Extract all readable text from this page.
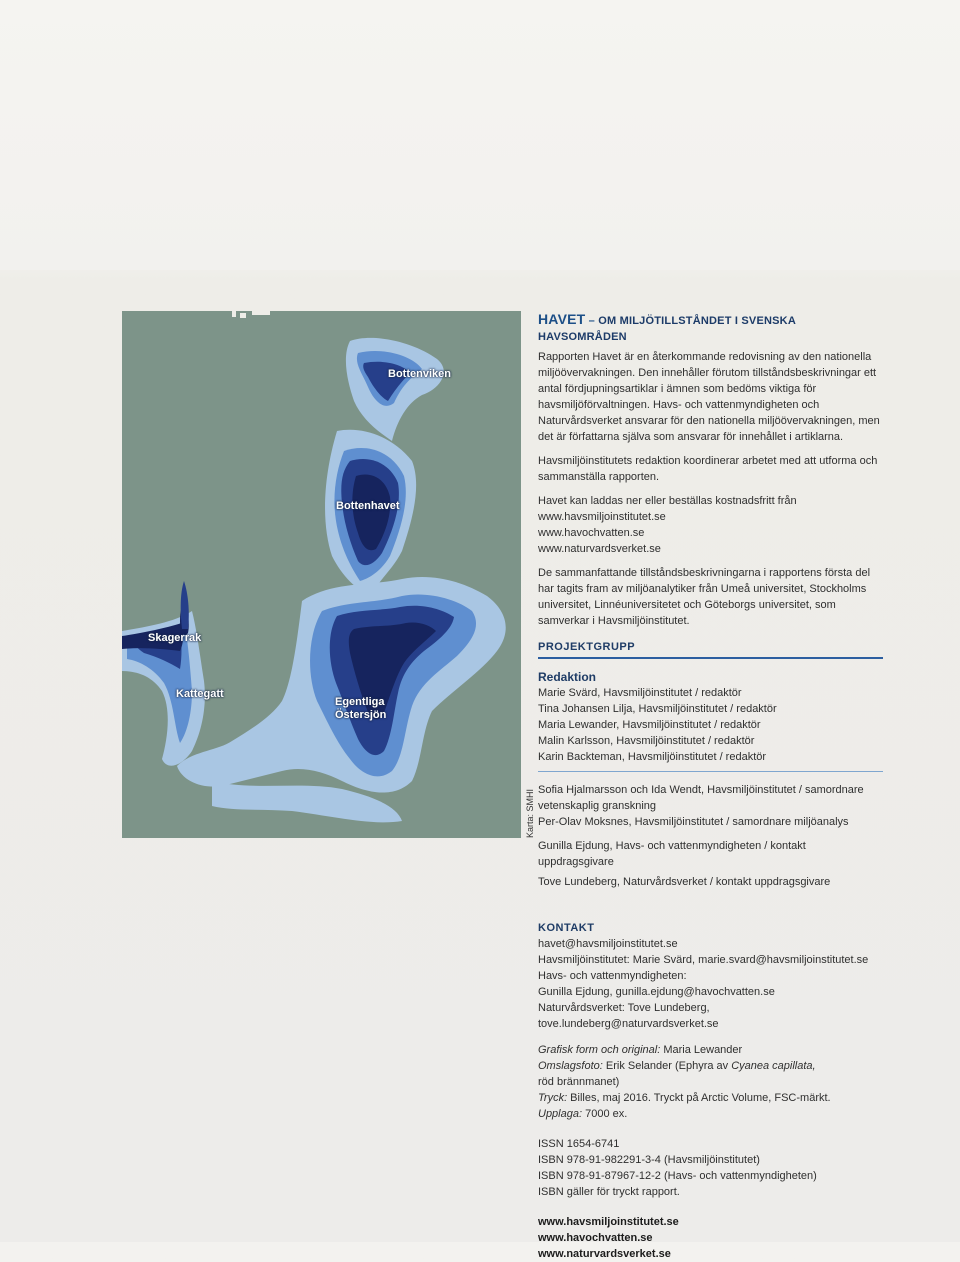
Bottenviken
Bottenhavet
Skagerrak
Kattegatt
Egentliga
Östersjön
Karta: SMHI
HAVET – OM MILJÖTILLSTÅNDET I SVENSKA HAVSOMRÅDEN

Rapporten Havet är en återkommande redovisning av den nationella miljöövervakningen. Den innehåller förutom tillståndsbeskrivningar ett antal fördjupningsartiklar i ämnen som bedöms viktiga för havsmiljöförvaltningen. Havs- och vattenmyndigheten och Naturvårdsverket ansvarar för den nationella miljöövervakningen, men det är författarna själva som ansvarar för innehållet i artiklarna.

Havsmiljöinstitutets redaktion koordinerar arbetet med att utforma och sammanställa rapporten.

Havet kan laddas ner eller beställas kostnadsfritt från

www.havsmiljoinstitutet.se
www.havochvatten.se
www.naturvardsverket.se

De sammanfattande tillståndsbeskrivningarna i rapportens första del har tagits fram av miljöanalytiker från Umeå universitet, Stockholms universitet, Linnéuniversitetet och Göteborgs universitet, som samverkar i Havsmiljöinstitutet.

PROJEKTGRUPP
Redaktion
Marie Svärd, Havsmiljöinstitutet / redaktör
Tina Johansen Lilja, Havsmiljöinstitutet / redaktör
Maria Lewander, Havsmiljöinstitutet / redaktör
Malin Karlsson, Havsmiljöinstitutet / redaktör
Karin Backteman, Havsmiljöinstitutet / redaktör
Sofia Hjalmarsson och Ida Wendt, Havsmiljöinstitutet / samordnare
vetenskaplig granskning
Per-Olav Moksnes, Havsmiljöinstitutet / samordnare miljöanalys
Gunilla Ejdung, Havs- och vattenmyndigheten / kontakt uppdragsgivare
Tove Lundeberg, Naturvårdsverket / kontakt uppdragsgivare
KONTAKT
havet@havsmiljoinstitutet.se
Havsmiljöinstitutet: Marie Svärd, marie.svard@havsmiljoinstitutet.se
Havs- och vattenmyndigheten:
Gunilla Ejdung, gunilla.ejdung@havochvatten.se
Naturvårdsverket: Tove Lundeberg, tove.lundeberg@naturvardsverket.se
Grafisk form och original: Maria Lewander
Omslagsfoto: Erik Selander (Ephyra av Cyanea capillata,
röd brännmanet)
Tryck: Billes, maj 2016. Tryckt på Arctic Volume, FSC-märkt.
Upplaga: 7000 ex.
ISSN 1654-6741
ISBN 978-91-982291-3-4 (Havsmiljöinstitutet)
ISBN 978-91-87967-12-2 (Havs- och vattenmyndigheten)
ISBN gäller för tryckt rapport.
www.havsmiljoinstitutet.se
www.havochvatten.se
www.naturvardsverket.se
